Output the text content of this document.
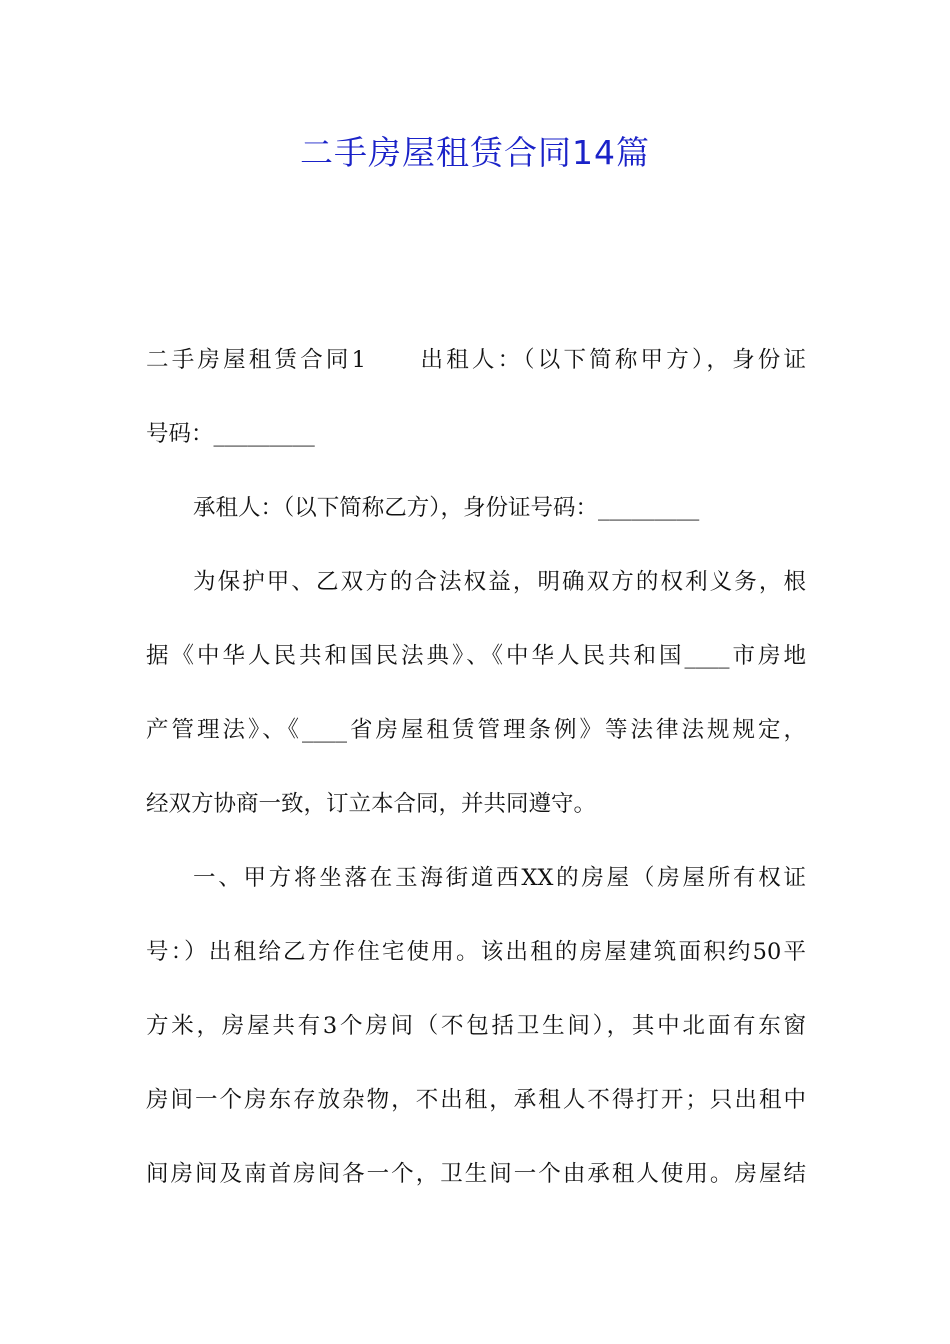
二手房屋租赁合同14篇
二手房屋租赁合同1　　出租人：（以下简称甲方），身份证
号码：_________
承租人：（以下简称乙方），身份证号码：_________
为保护甲、乙双方的合法权益，明确双方的权利义务，根
据《中华人民共和国民法典》、《中华人民共和国____市房地
产管理法》、《____省房屋租赁管理条例》等法律法规规定，
经双方协商一致，订立本合同，并共同遵守。
一、甲方将坐落在玉海街道西XX的房屋（房屋所有权证
号：）出租给乙方作住宅使用。该出租的房屋建筑面积约50平
方米，房屋共有3个房间（不包括卫生间），其中北面有东窗
房间一个房东存放杂物，不出租，承租人不得打开；只出租中
间房间及南首房间各一个，卫生间一个由承租人使用。房屋结
